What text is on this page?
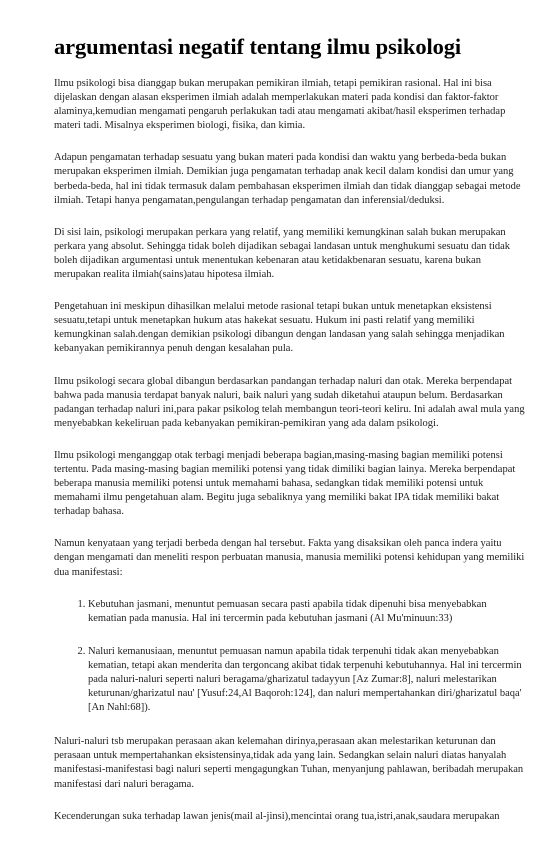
argumentasi negatif tentang ilmu psikologi

Ilmu psikologi bisa dianggap bukan merupakan pemikiran ilmiah, tetapi pemikiran rasional. Hal ini bisa dijelaskan dengan alasan eksperimen ilmiah adalah memperlakukan materi pada kondisi dan faktor-faktor alaminya,kemudian mengamati pengaruh perlakukan tadi atau mengamati akibat/hasil eksperimen terhadap materi tadi. Misalnya eksperimen biologi, fisika, dan kimia.

Adapun pengamatan terhadap sesuatu yang bukan materi pada kondisi dan waktu yang berbeda-beda bukan merupakan eksperimen ilmiah. Demikian juga pengamatan terhadap anak kecil dalam kondisi dan umur yang berbeda-beda, hal ini tidak termasuk dalam pembahasan eksperimen ilmiah dan tidak dianggap sebagai metode ilmiah. Tetapi hanya pengamatan,pengulangan terhadap pengamatan dan inferensial/deduksi.

Di sisi lain, psikologi merupakan perkara yang relatif, yang memiliki kemungkinan salah bukan merupakan perkara yang absolut. Sehingga tidak boleh dijadikan sebagai landasan untuk menghukumi sesuatu dan tidak boleh dijadikan argumentasi untuk menentukan kebenaran atau ketidakbenaran sesuatu, karena bukan merupakan realita ilmiah(sains)atau hipotesa ilmiah.

Pengetahuan ini meskipun dihasilkan melalui metode rasional tetapi bukan untuk menetapkan eksistensi sesuatu,tetapi untuk menetapkan hukum atas hakekat sesuatu. Hukum ini pasti relatif yang memiliki kemungkinan salah.dengan demikian psikologi dibangun dengan landasan yang salah sehingga menjadikan kebanyakan pemikirannya penuh dengan kesalahan pula.

Ilmu psikologi secara global dibangun berdasarkan pandangan terhadap naluri dan otak. Mereka berpendapat bahwa pada manusia terdapat banyak naluri, baik naluri yang sudah diketahui ataupun belum. Berdasarkan padangan terhadap naluri ini,para pakar psikolog telah membangun teori-teori keliru. Ini adalah awal mula yang menyebabkan kekeliruan pada kebanyakan pemikiran-pemikiran yang ada dalam psikologi.

Ilmu psikologi menganggap otak terbagi menjadi beberapa bagian,masing-masing bagian memiliki potensi tertentu. Pada masing-masing bagian memiliki potensi yang tidak dimiliki bagian lainya. Mereka berpendapat beberapa manusia memiliki potensi untuk memahami bahasa, sedangkan tidak memiliki potensi untuk memahami ilmu pengetahuan alam. Begitu juga sebaliknya yang memiliki bakat IPA tidak memiliki bakat terhadap bahasa.

Namun kenyataan yang terjadi berbeda dengan hal tersebut. Fakta yang disaksikan oleh panca indera yaitu dengan mengamati dan meneliti respon perbuatan manusia, manusia memiliki potensi kehidupan yang memiliki dua manifestasi:

1. Kebutuhan jasmani, menuntut pemuasan secara pasti apabila tidak dipenuhi bisa menyebabkan kematian pada manusia. Hal ini tercermin pada kebutuhan jasmani (Al Mu'minuun:33)
2. Naluri kemanusiaan, menuntut pemuasan namun apabila tidak terpenuhi tidak akan menyebabkan kematian, tetapi akan menderita dan tergoncang akibat tidak terpenuhi kebutuhannya. Hal ini tercermin pada naluri-naluri seperti naluri beragama/gharizatul tadayyun [Az Zumar:8], naluri melestarikan keturunan/gharizatul nau' [Yusuf:24,Al Baqoroh:124], dan naluri mempertahankan diri/gharizatul baqa' [An Nahl:68]).

Naluri-naluri tsb merupakan perasaan akan kelemahan dirinya,perasaan akan melestarikan keturunan dan perasaan untuk mempertahankan eksistensinya,tidak ada yang lain. Sedangkan selain naluri diatas hanyalah manifestasi-manifestasi bagi naluri seperti mengagungkan Tuhan, menyanjung pahlawan, beribadah merupakan manifestasi dari naluri beragama.

Kecenderungan suka terhadap lawan jenis(mail al-jinsi),mencintai orang tua,istri,anak,saudara merupakan
